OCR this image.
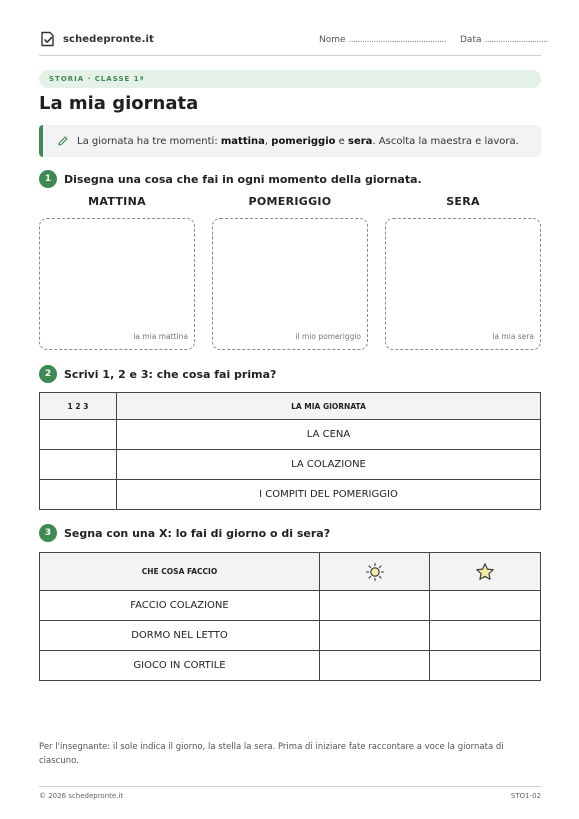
schedepronte.it	Nome ........................................... Data ............................
STORIA · CLASSE 1ª
La mia giornata
La giornata ha tre momenti: mattina, pomeriggio e sera. Ascolta la maestra e lavora.
1	Disegna una cosa che fai in ogni momento della giornata.
MATTINA	POMERIGGIO	SERA
la mia mattina	il mio pomeriggio	la mia sera
2	Scrivi 1, 2 e 3: che cosa fai prima?
1 2 3	LA MIA GIORNATA
	LA CENA
	LA COLAZIONE
	I COMPITI DEL POMERIGGIO
3	Segna con una X: lo fai di giorno o di sera?
CHE COSA FACCIO	

FACCIO COLAZIONE		
DORMO NEL LETTO		
GIOCO IN CORTILE		
Per l'insegnante: il sole indica il giorno, la stella la sera. Prima di iniziare fate raccontare a voce la giornata di ciascuno.
© 2026 schedepronte.it	STO1-02
